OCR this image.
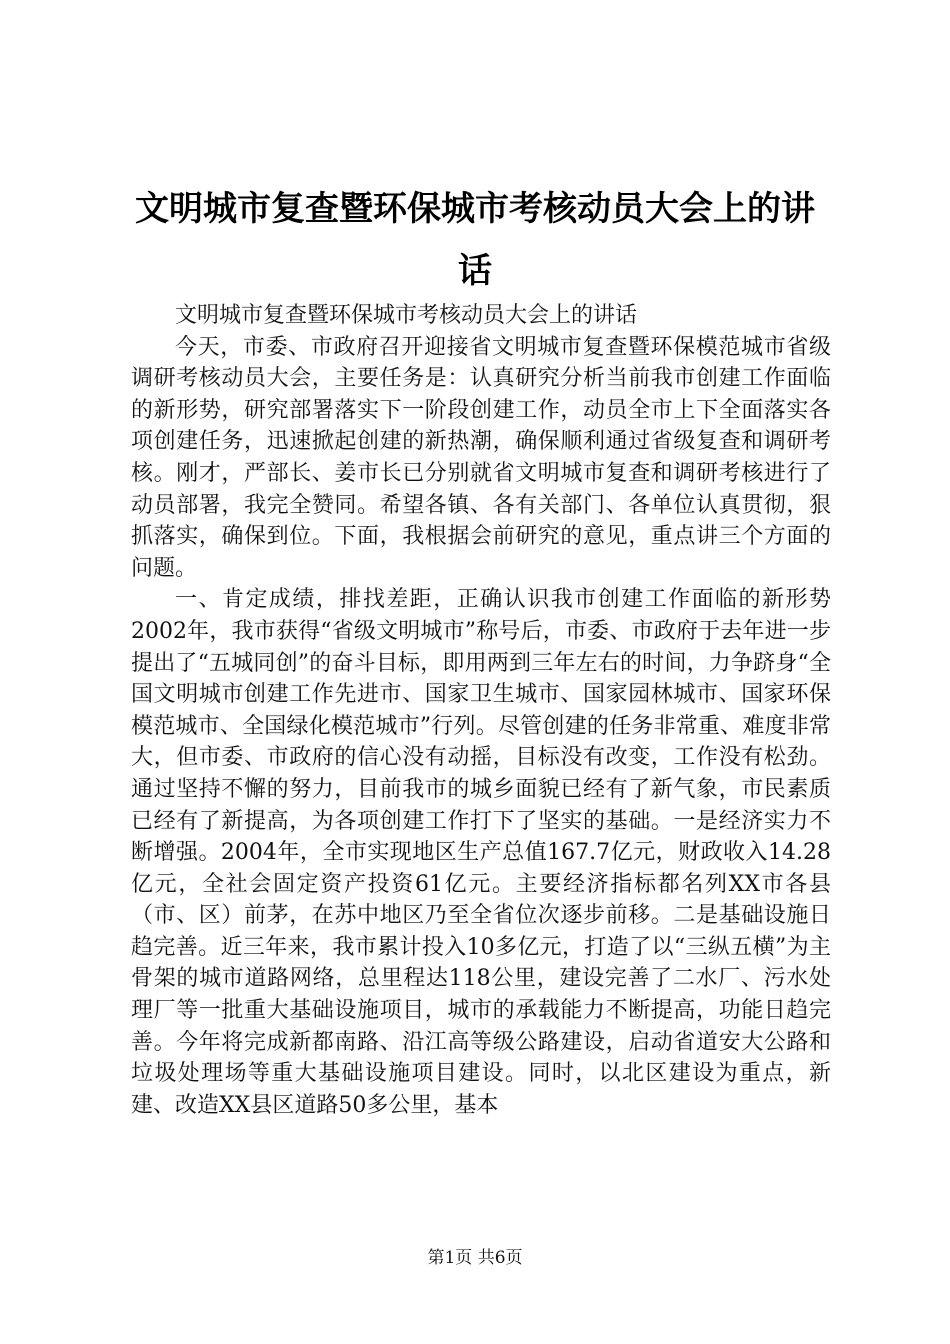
文明城市复查暨环保城市考核动员大会上的讲
话

文明城市复查暨环保城市考核动员大会上的讲话

今天，市委、市政府召开迎接省文明城市复查暨环保模范城市省级调研考核动员大会，主要任务是：认真研究分析当前我市创建工作面临的新形势，研究部署落实下一阶段创建工作，动员全市上下全面落实各项创建任务，迅速掀起创建的新热潮，确保顺利通过省级复查和调研考核。刚才，严部长、姜市长已分别就省文明城市复查和调研考核进行了动员部署，我完全赞同。希望各镇、各有关部门、各单位认真贯彻，狠抓落实，确保到位。下面，我根据会前研究的意见，重点讲三个方面的问题。

一、肯定成绩，排找差距，正确认识我市创建工作面临的新形势2002年，我市获得“省级文明城市”称号后，市委、市政府于去年进一步提出了“五城同创”的奋斗目标，即用两到三年左右的时间，力争跻身“全国文明城市创建工作先进市、国家卫生城市、国家园林城市、国家环保模范城市、全国绿化模范城市”行列。尽管创建的任务非常重、难度非常大，但市委、市政府的信心没有动摇，目标没有改变，工作没有松劲。通过坚持不懈的努力，目前我市的城乡面貌已经有了新气象，市民素质已经有了新提高，为各项创建工作打下了坚实的基础。一是经济实力不断增强。2004年，全市实现地区生产总值167.7亿元，财政收入14.28亿元，全社会固定资产投资61亿元。主要经济指标都名列XX市各县（市、区）前茅，在苏中地区乃至全省位次逐步前移。二是基础设施日趋完善。近三年来，我市累计投入10多亿元，打造了以“三纵五横”为主骨架的城市道路网络，总里程达118公里，建设完善了二水厂、污水处理厂等一批重大基础设施项目，城市的承载能力不断提高，功能日趋完善。今年将完成新都南路、沿江高等级公路建设，启动省道安大公路和垃圾处理场等重大基础设施项目建设。同时，以北区建设为重点，新建、改造XX县区道路50多公里，基本

第1页 共6页
